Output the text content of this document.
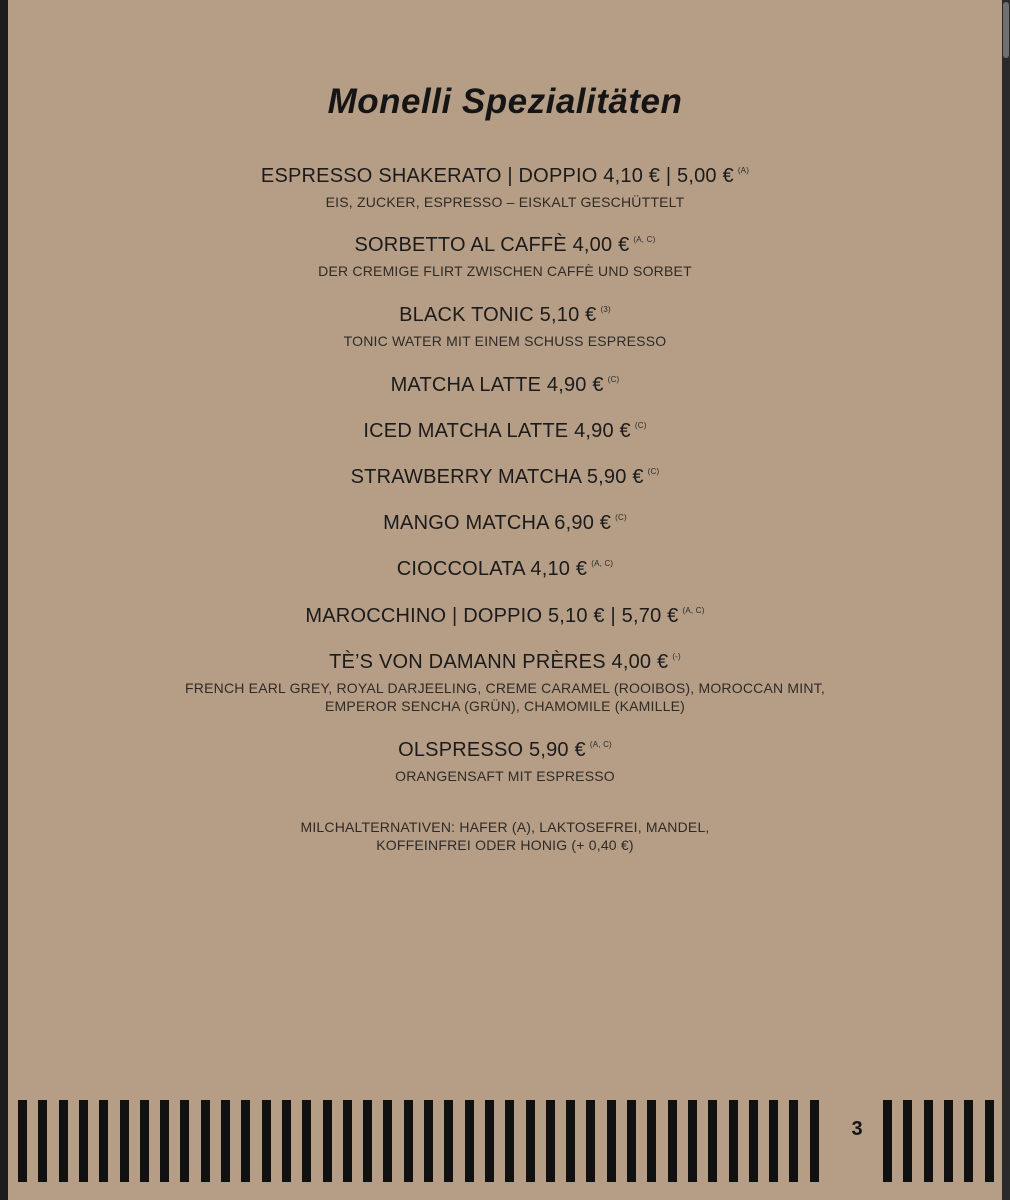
Monelli Spezialitäten
ESPRESSO SHAKERATO | DOPPIO 4,10 € | 5,00 € $^{(A)}$
EIS, ZUCKER, ESPRESSO – EISKALT GESCHÜTTELT
SORBETTO AL CAFFÈ 4,00 € $^{(A, C)}$
DER CREMIGE FLIRT ZWISCHEN CAFFÈ UND SORBET
BLACK TONIC 5,10 € $^{(3)}$
TONIC WATER MIT EINEM SCHUSS ESPRESSO
MATCHA LATTE 4,90 € $^{(C)}$
ICED MATCHA LATTE 4,90 € $^{(C)}$
STRAWBERRY MATCHA 5,90 € $^{(C)}$
MANGO MATCHA 6,90 € $^{(C)}$
CIOCCOLATA 4,10 € $^{(A, C)}$
MAROCCHINO | DOPPIO 5,10 € | 5,70 € $^{(A, C)}$
TÈ’S VON DAMANN PRÈRES 4,00 € (-)
FRENCH EARL GREY, ROYAL DARJEELING, CREME CARAMEL (ROOIBOS), MOROCCAN MINT,
EMPEROR SENCHA (GRÜN), CHAMOMILE (KAMILLE)
OLSPRESSO 5,90 € $^{(A, C)}$
ORANGENSAFT MIT ESPRESSO
MILCHALTERNATIVEN: HAFER (A), LAKTOSEFREI, MANDEL,
KOFFEINFREI ODER HONIG (+ 0,40 €)
3
